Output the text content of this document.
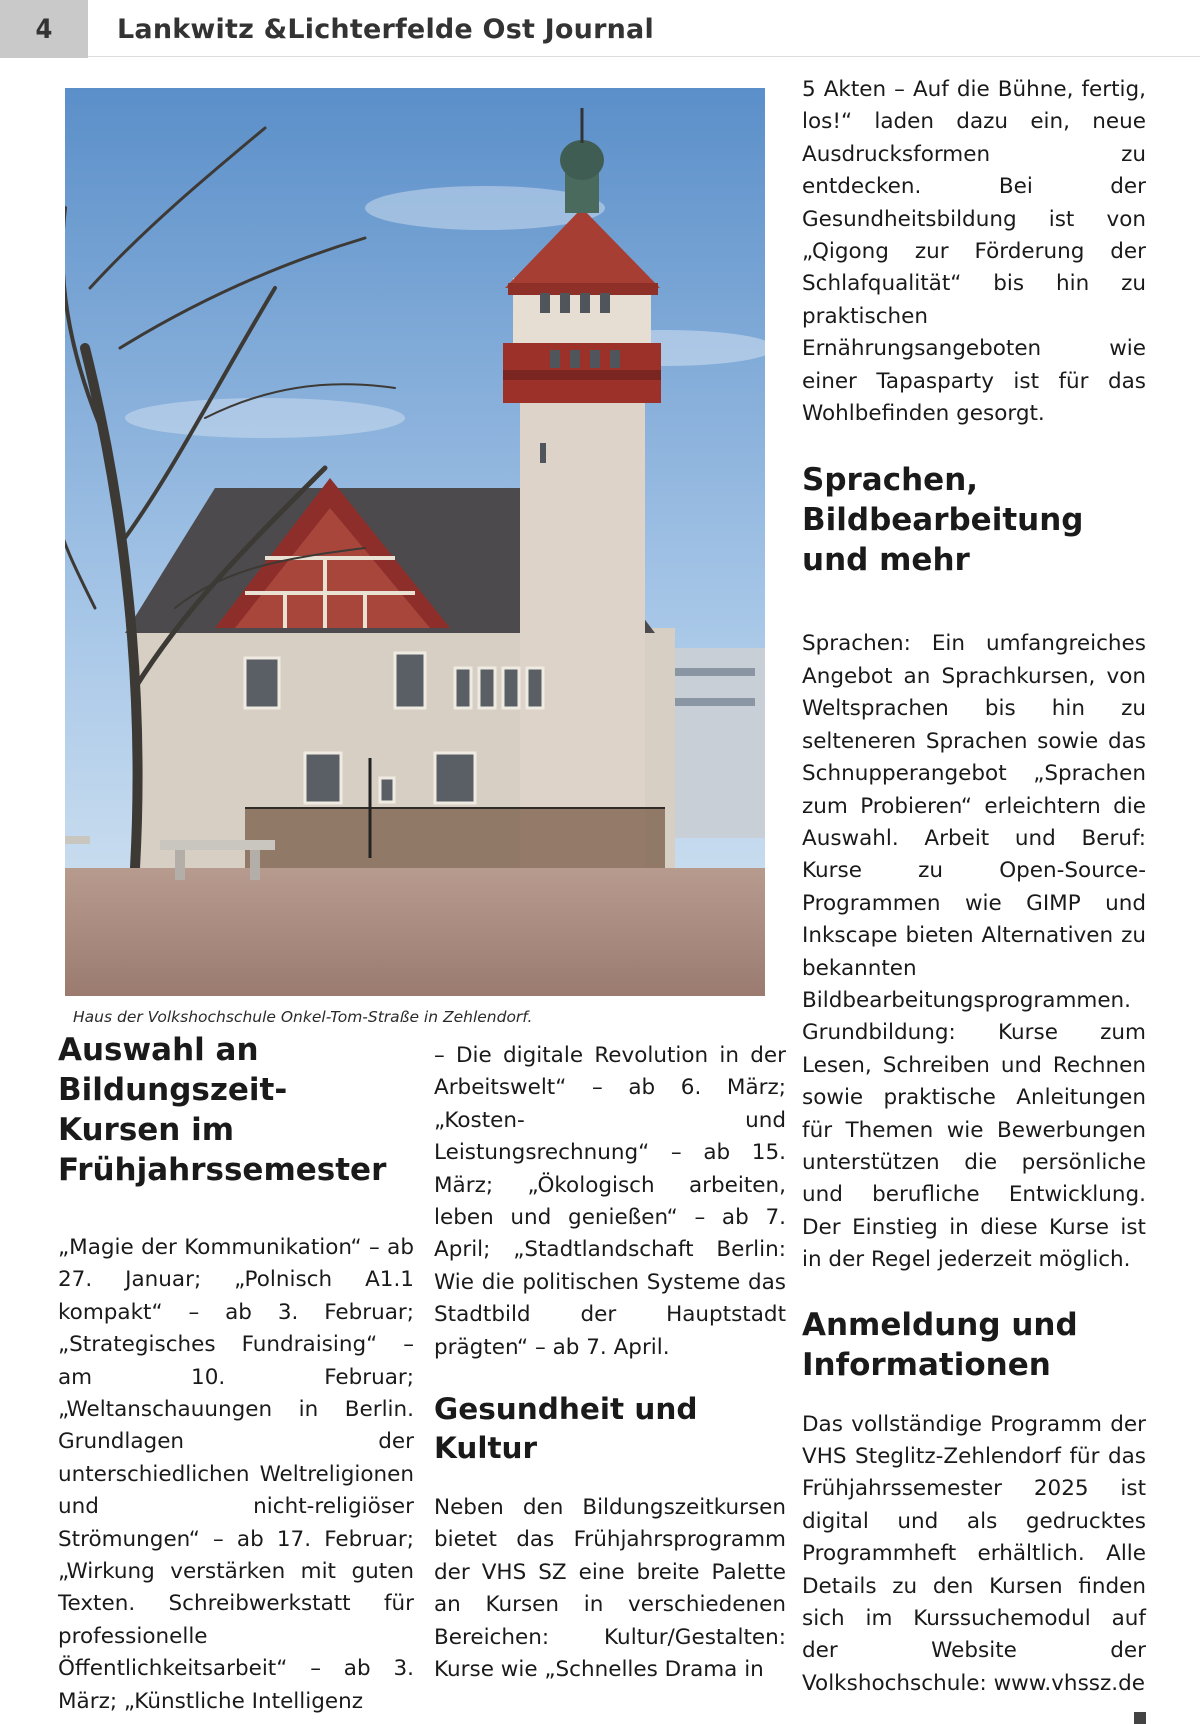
4	Lankwitz &Lichterfelde Ost Journal
Haus der Volkshochschule Onkel-Tom-Straße in Zehlendorf.

Auswahl an Bildungszeit-Kursen im Frühjahrssemester

„Magie der Kommunikation“ – ab 27. Januar; „Polnisch A1.1 kompakt“ – ab 3. Februar; „Strategisches Fundraising“ – am 10. Februar; „Weltanschauungen in Berlin. Grundlagen der unterschiedlichen Weltreligionen und nicht-religiöser Strömungen“ – ab 17. Februar; „Wirkung verstärken mit guten Texten. Schreibwerkstatt für professionelle Öffentlichkeitsarbeit“ – ab 3. März; „Künstliche Intelligenz

– Die digitale Revolution in der Arbeitswelt“ – ab 6. März; „Kosten- und Leistungsrechnung“ – ab 15. März; „Ökologisch arbeiten, leben und genießen“ – ab 7. April; „Stadtlandschaft Berlin: Wie die politischen Systeme das Stadtbild der Hauptstadt prägten“ – ab 7. April.

Gesundheit und Kultur

Neben den Bildungszeitkursen bietet das Frühjahrsprogramm der VHS SZ eine breite Palette an Kursen in verschiedenen Bereichen: Kultur/Gestalten: Kurse wie „Schnelles Drama in

5 Akten – Auf die Bühne, fertig, los!“ laden dazu ein, neue Ausdrucksformen zu entdecken. Bei der Gesundheitsbildung ist von „Qigong zur Förderung der Schlafqualität“ bis hin zu praktischen Ernährungsangeboten wie einer Tapasparty ist für das Wohlbefinden gesorgt.

Sprachen, Bildbearbeitung und mehr

Sprachen: Ein umfangreiches Angebot an Sprachkursen, von Weltsprachen bis hin zu selteneren Sprachen sowie das Schnupperangebot „Sprachen zum Probieren“ erleichtern die Auswahl. Arbeit und Beruf: Kurse zu Open-Source-Programmen wie GIMP und Inkscape bieten Alternativen zu bekannten Bildbearbeitungsprogrammen. Grundbildung: Kurse zum Lesen, Schreiben und Rechnen sowie praktische Anleitungen für Themen wie Bewerbungen unterstützen die persönliche und berufliche Entwicklung. Der Einstieg in diese Kurse ist in der Regel jederzeit möglich.

Anmeldung und Informationen

Das vollständige Programm der VHS Steglitz-Zehlendorf für das Frühjahrssemester 2025 ist digital und als gedrucktes Programmheft erhältlich. Alle Details zu den Kursen finden sich im Kurssuchemodul auf der Website der Volkshochschule: www.vhssz.de
